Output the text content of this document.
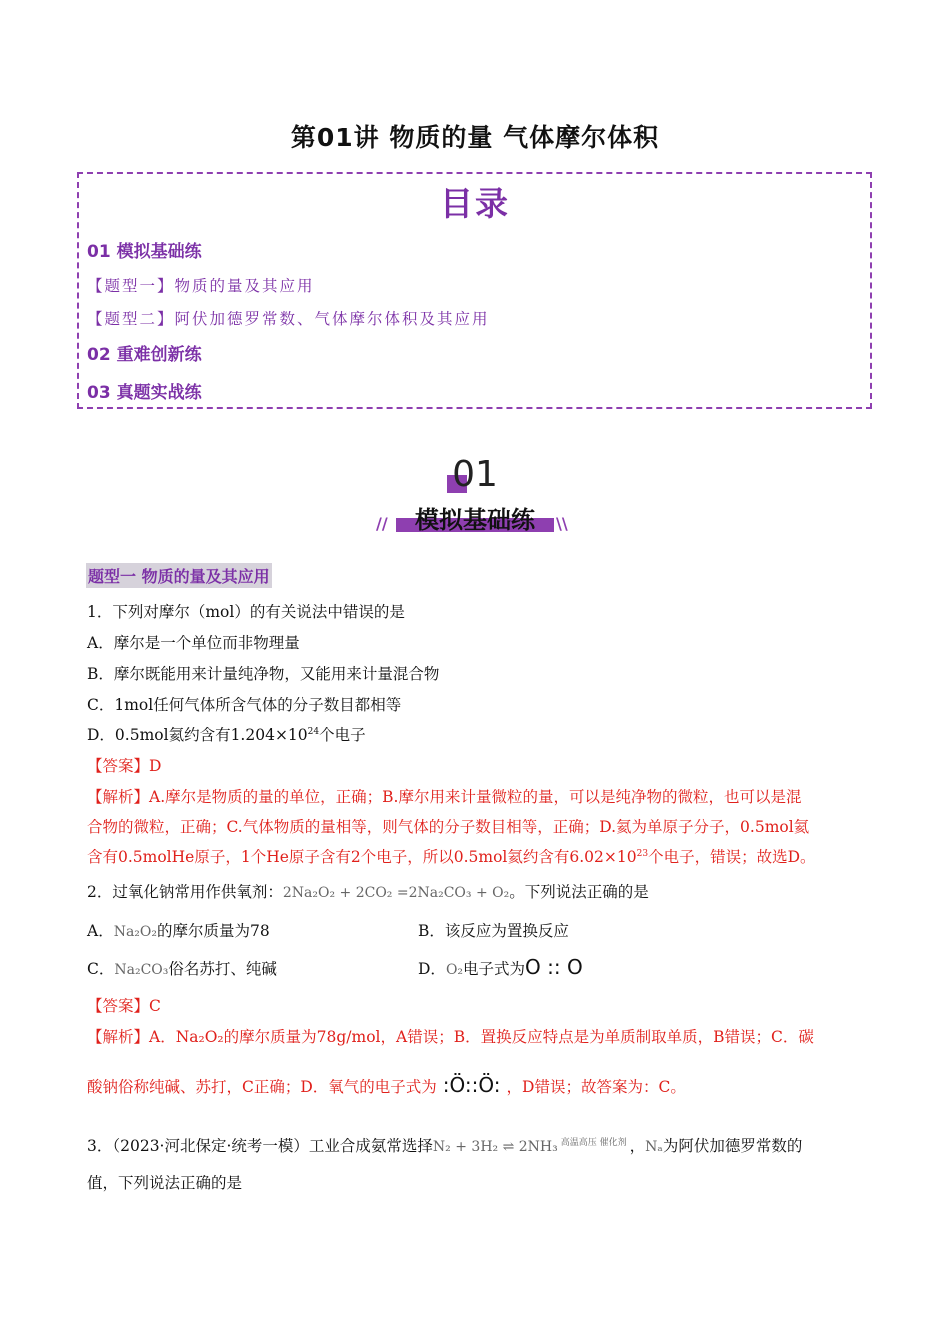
第01讲 物质的量 气体摩尔体积
目录
01 模拟基础练
【题型一】物质的量及其应用
【题型二】阿伏加德罗常数、气体摩尔体积及其应用
02 重难创新练
03 真题实战练
01
模拟基础练
//	\\
题型一 物质的量及其应用
1．下列对摩尔（mol）的有关说法中错误的是
A．摩尔是一个单位而非物理量
B．摩尔既能用来计量纯净物，又能用来计量混合物
C．1mol任何气体所含气体的分子数目都相等
D．0.5mol氦约含有$1.204\times 10^{24}$个电子
【答案】D
【解析】A.摩尔是物质的量的单位，正确；B.摩尔用来计量微粒的量，可以是纯净物的微粒，也可以是混
合物的微粒，正确；C.气体物质的量相等，则气体的分子数目相等，正确；D.氦为单原子分子，0.5mol氦
含有0.5molHe原子，1个He原子含有2个电子，所以0.5mol氦约含有$6.02\times 10^{23}$个电子，错误；故选D。
2．过氧化钠常用作供氧剂：2Na₂O₂ + 2CO₂ =2Na₂CO₃ + O₂。下列说法正确的是
A．Na₂O₂的摩尔质量为78	B．该反应为置换反应
C．Na₂CO₃俗名苏打、纯碱	D．O₂电子式为O :: O
【答案】C
【解析】A．Na₂O₂的摩尔质量为78g/mol，A错误；B．置换反应特点是为单质制取单质，B错误；C．碳
酸钠俗称纯碱、苏打，C正确；D．氧气的电子式为 :Ö::Ö: ，D错误；故答案为：C。
3．（2023·河北保定·统考一模）工业合成氨常选择N₂ + 3H₂ ⇌ 2NH₃ $^{高温高压 催化剂}$ ，Nₐ为阿伏加德罗常数的
值，下列说法正确的是
